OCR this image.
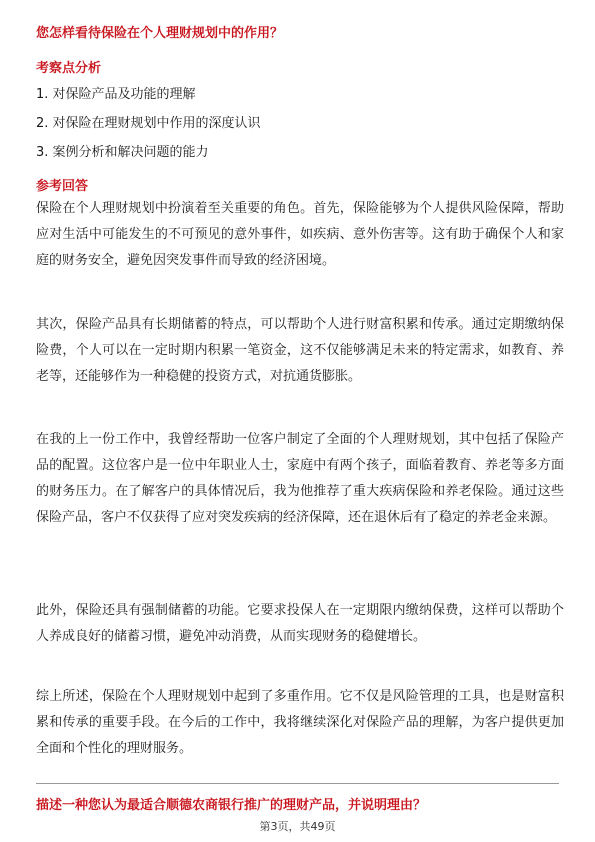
您怎样看待保险在个人理财规划中的作用？
考察点分析
1. 对保险产品及功能的理解
2. 对保险在理财规划中作用的深度认识
3. 案例分析和解决问题的能力
参考回答
保险在个人理财规划中扮演着至关重要的角色。首先，保险能够为个人提供风险保障，帮助应对生活中可能发生的不可预见的意外事件，如疾病、意外伤害等。这有助于确保个人和家庭的财务安全，避免因突发事件而导致的经济困境。
其次，保险产品具有长期储蓄的特点，可以帮助个人进行财富积累和传承。通过定期缴纳保险费，个人可以在一定时期内积累一笔资金，这不仅能够满足未来的特定需求，如教育、养老等，还能够作为一种稳健的投资方式，对抗通货膨胀。
在我的上一份工作中，我曾经帮助一位客户制定了全面的个人理财规划，其中包括了保险产品的配置。这位客户是一位中年职业人士，家庭中有两个孩子，面临着教育、养老等多方面的财务压力。在了解客户的具体情况后，我为他推荐了重大疾病保险和养老保险。通过这些保险产品，客户不仅获得了应对突发疾病的经济保障，还在退休后有了稳定的养老金来源。
此外，保险还具有强制储蓄的功能。它要求投保人在一定期限内缴纳保费，这样可以帮助个人养成良好的储蓄习惯，避免冲动消费，从而实现财务的稳健增长。
综上所述，保险在个人理财规划中起到了多重作用。它不仅是风险管理的工具，也是财富积累和传承的重要手段。在今后的工作中，我将继续深化对保险产品的理解，为客户提供更加全面和个性化的理财服务。
描述一种您认为最适合顺德农商银行推广的理财产品，并说明理由？
第3页，共49页
